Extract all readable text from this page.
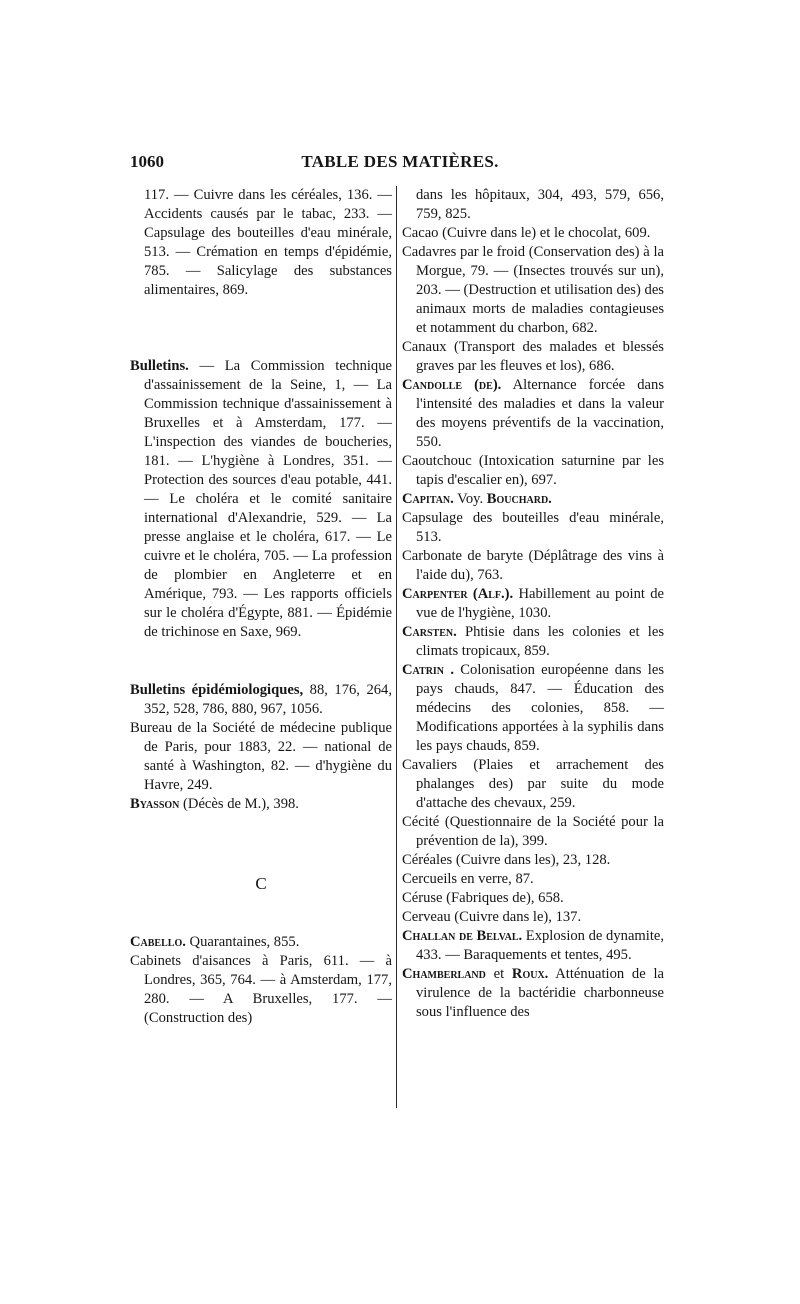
1060	TABLE DES MATIÈRES.

117. — Cuivre dans les céréales, 136. — Accidents causés par le tabac, 233. — Capsulage des bouteilles d'eau minérale, 513. — Crémation en temps d'épidémie, 785. — Salicylage des substances alimentaires, 869.

Bulletins. — La Commission technique d'assainissement de la Seine, 1, — La Commission technique d'assainissement à Bruxelles et à Amsterdam, 177. — L'inspection des viandes de boucheries, 181. — L'hygiène à Londres, 351. — Protection des sources d'eau potable, 441. — Le choléra et le comité sanitaire international d'Alexandrie, 529. — La presse anglaise et le choléra, 617. — Le cuivre et le choléra, 705. — La profession de plombier en Angleterre et en Amérique, 793. — Les rapports officiels sur le choléra d'Égypte, 881. — Épidémie de trichinose en Saxe, 969.

Bulletins épidémiologiques, 88, 176, 264, 352, 528, 786, 880, 967, 1056.

Bureau de la Société de médecine publique de Paris, pour 1883, 22. — national de santé à Washington, 82. — d'hygiène du Havre, 249.

Byasson (Décès de M.), 398.

C

Cabello. Quarantaines, 855.

Cabinets d'aisances à Paris, 611. — à Londres, 365, 764. — à Amsterdam, 177, 280. — A Bruxelles, 177. — (Construction des)

dans les hôpitaux, 304, 493, 579, 656, 759, 825.

Cacao (Cuivre dans le) et le chocolat, 609.

Cadavres par le froid (Conservation des) à la Morgue, 79. — (Insectes trouvés sur un), 203. — (Destruction et utilisation des) des animaux morts de maladies contagieuses et notamment du charbon, 682.

Canaux (Transport des malades et blessés graves par les fleuves et los), 686.

Candolle (de). Alternance forcée dans l'intensité des maladies et dans la valeur des moyens préventifs de la vaccination, 550.

Caoutchouc (Intoxication saturnine par les tapis d'escalier en), 697.

Capitan. Voy. Bouchard.

Capsulage des bouteilles d'eau minérale, 513.

Carbonate de baryte (Déplâtrage des vins à l'aide du), 763.

Carpenter (Alf.). Habillement au point de vue de l'hygiène, 1030.

Carsten. Phtisie dans les colonies et les climats tropicaux, 859.

Catrin . Colonisation européenne dans les pays chauds, 847. — Éducation des médecins des colonies, 858. — Modifications apportées à la syphilis dans les pays chauds, 859.

Cavaliers (Plaies et arrachement des phalanges des) par suite du mode d'attache des chevaux, 259.

Cécité (Questionnaire de la Société pour la prévention de la), 399.

Céréales (Cuivre dans les), 23, 128.

Cercueils en verre, 87.

Céruse (Fabriques de), 658.

Cerveau (Cuivre dans le), 137.

Challan de Belval. Explosion de dynamite, 433. — Baraquements et tentes, 495.

Chamberland et Roux. Atténuation de la virulence de la bactéridie charbonneuse sous l'influence des
